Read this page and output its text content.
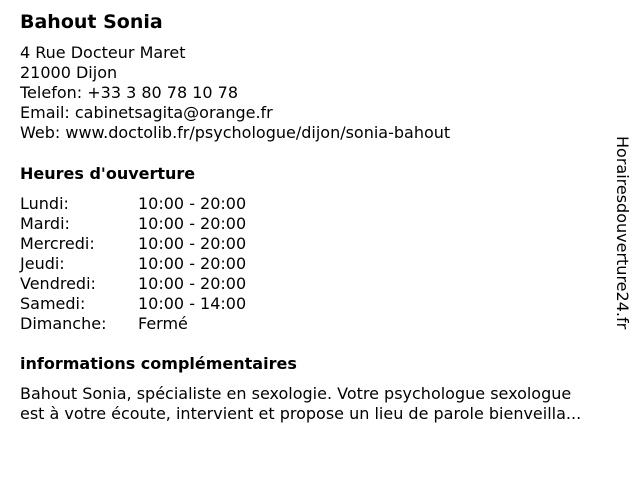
Bahout Sonia
4 Rue Docteur Maret
21000 Dijon
Telefon: +33 3 80 78 10 78
Email: cabinetsagita@orange.fr
Web: www.doctolib.fr/psychologue/dijon/sonia-bahout
Heures d'ouverture
Lundi:	10:00 - 20:00
Mardi:	10:00 - 20:00
Mercredi:	10:00 - 20:00
Jeudi:	10:00 - 20:00
Vendredi:	10:00 - 20:00
Samedi:	10:00 - 14:00
Dimanche:	Fermé
informations complémentaires
Bahout Sonia, spécialiste en sexologie. Votre psychologue sexologue
est à votre écoute, intervient et propose un lieu de parole bienveilla...
Horairesdouverture24.fr
